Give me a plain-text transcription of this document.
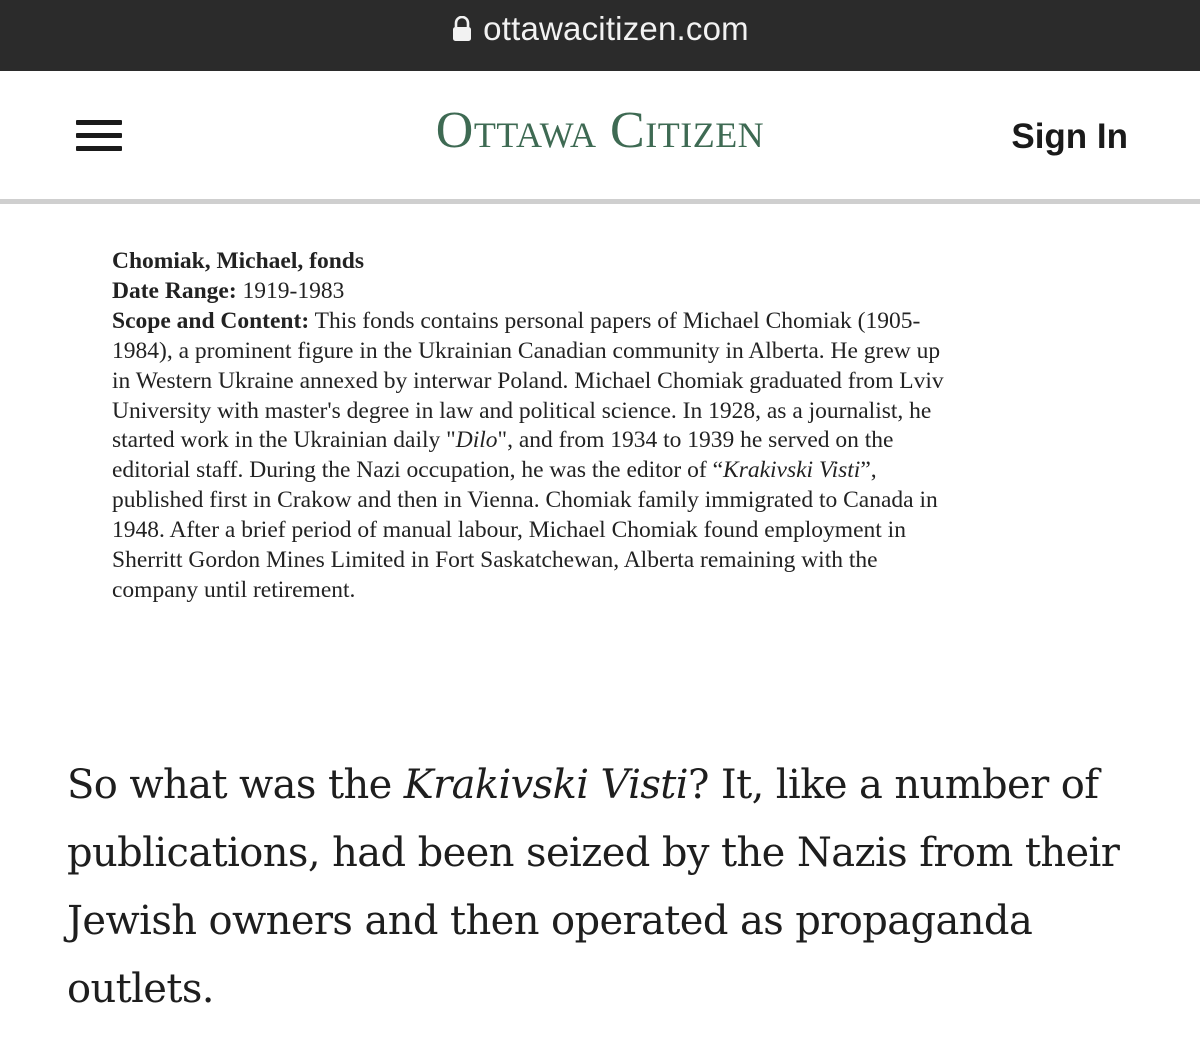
ottawacitizen.com
Ottawa Citizen	Sign In
Chomiak, Michael, fonds
Date Range: 1919-1983
Scope and Content: This fonds contains personal papers of Michael Chomiak (1905-
1984), a prominent figure in the Ukrainian Canadian community in Alberta. He grew up
in Western Ukraine annexed by interwar Poland. Michael Chomiak graduated from Lviv
University with master's degree in law and political science. In 1928, as a journalist, he
started work in the Ukrainian daily "Dilo", and from 1934 to 1939 he served on the
editorial staff. During the Nazi occupation, he was the editor of “Krakivski Visti”,
published first in Crakow and then in Vienna. Chomiak family immigrated to Canada in
1948. After a brief period of manual labour, Michael Chomiak found employment in
Sherritt Gordon Mines Limited in Fort Saskatchewan, Alberta remaining with the
company until retirement.
So what was the Krakivski Visti? It, like a number of
publications, had been seized by the Nazis from their
Jewish owners and then operated as propaganda
outlets.
